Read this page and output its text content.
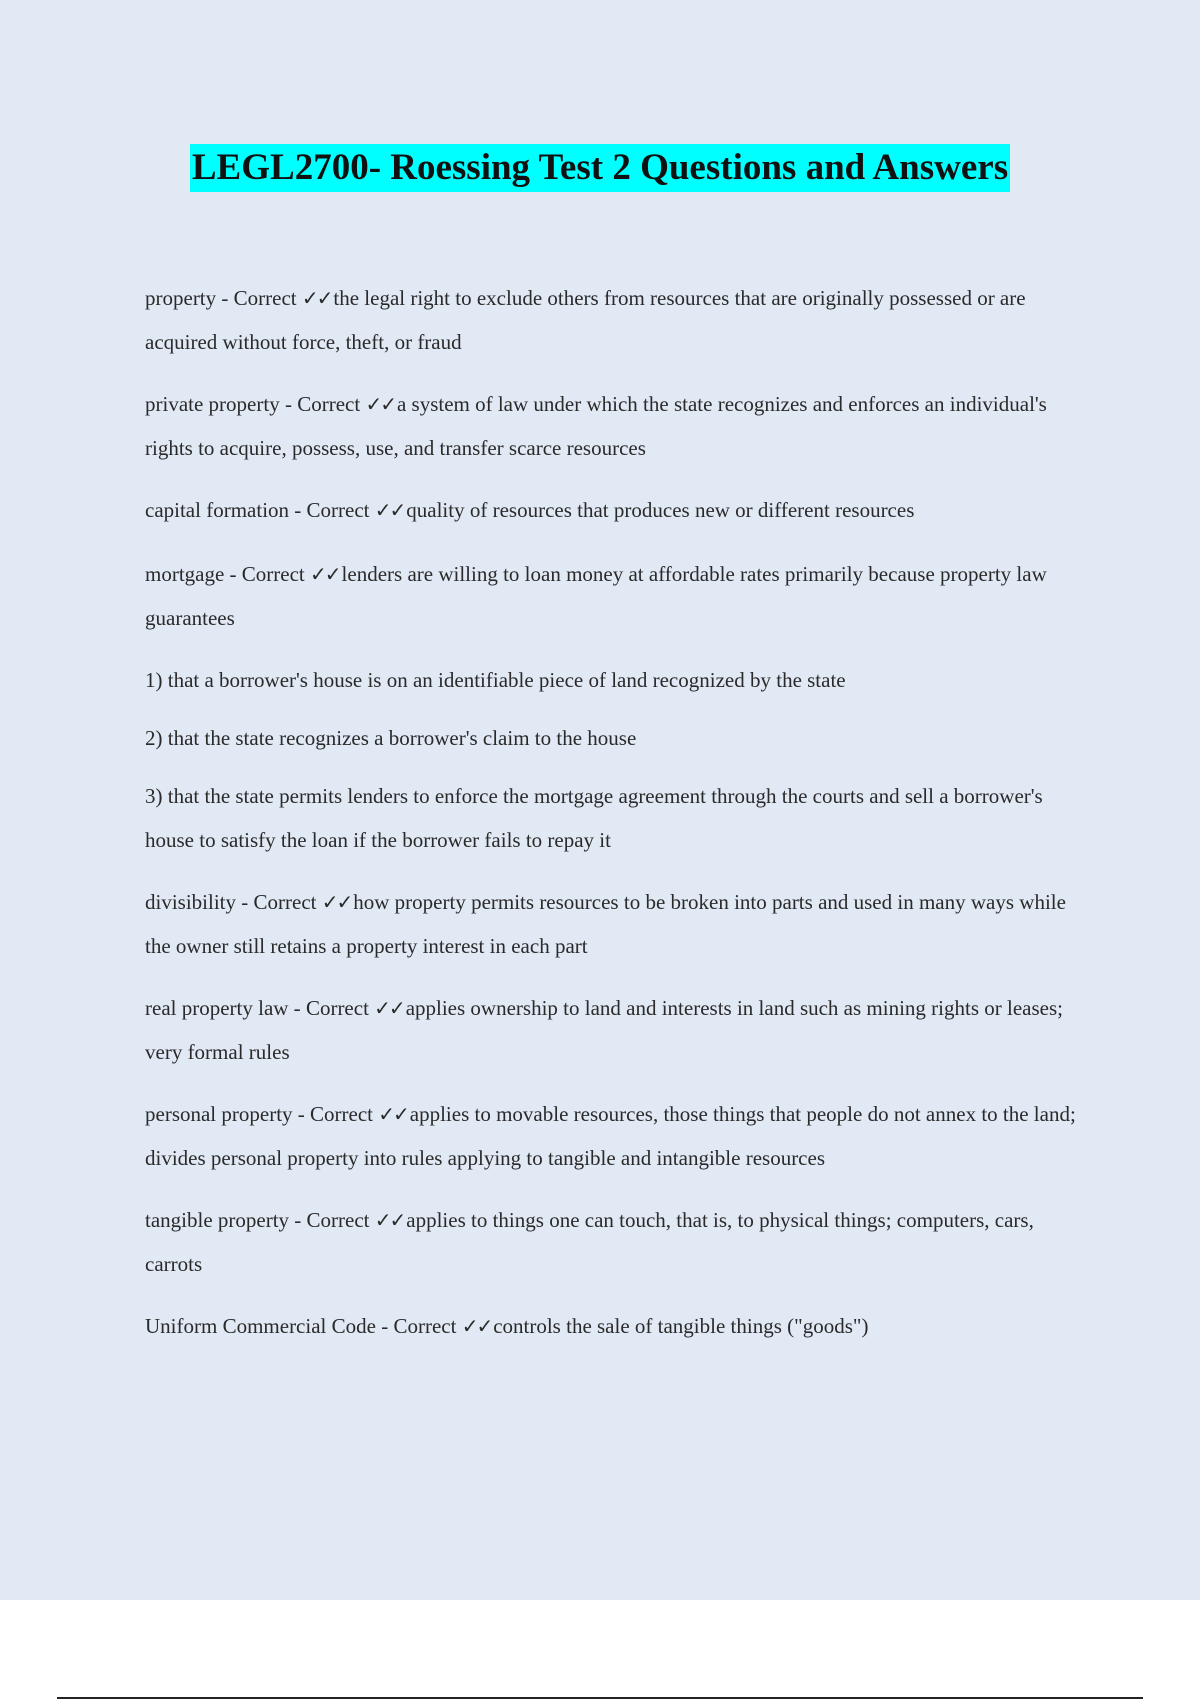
LEGL2700- Roessing Test 2 Questions and Answers

property - Correct ✓✓the legal right to exclude others from resources that are originally possessed or are acquired without force, theft, or fraud

private property - Correct ✓✓a system of law under which the state recognizes and enforces an individual's rights to acquire, possess, use, and transfer scarce resources

capital formation - Correct ✓✓quality of resources that produces new or different resources

mortgage - Correct ✓✓lenders are willing to loan money at affordable rates primarily because property law guarantees

1) that a borrower's house is on an identifiable piece of land recognized by the state

2) that the state recognizes a borrower's claim to the house

3) that the state permits lenders to enforce the mortgage agreement through the courts and sell a borrower's house to satisfy the loan if the borrower fails to repay it

divisibility - Correct ✓✓how property permits resources to be broken into parts and used in many ways while the owner still retains a property interest in each part

real property law - Correct ✓✓applies ownership to land and interests in land such as mining rights or leases; very formal rules

personal property - Correct ✓✓applies to movable resources, those things that people do not annex to the land; divides personal property into rules applying to tangible and intangible resources

tangible property - Correct ✓✓applies to things one can touch, that is, to physical things; computers, cars, carrots

Uniform Commercial Code - Correct ✓✓controls the sale of tangible things ("goods")
